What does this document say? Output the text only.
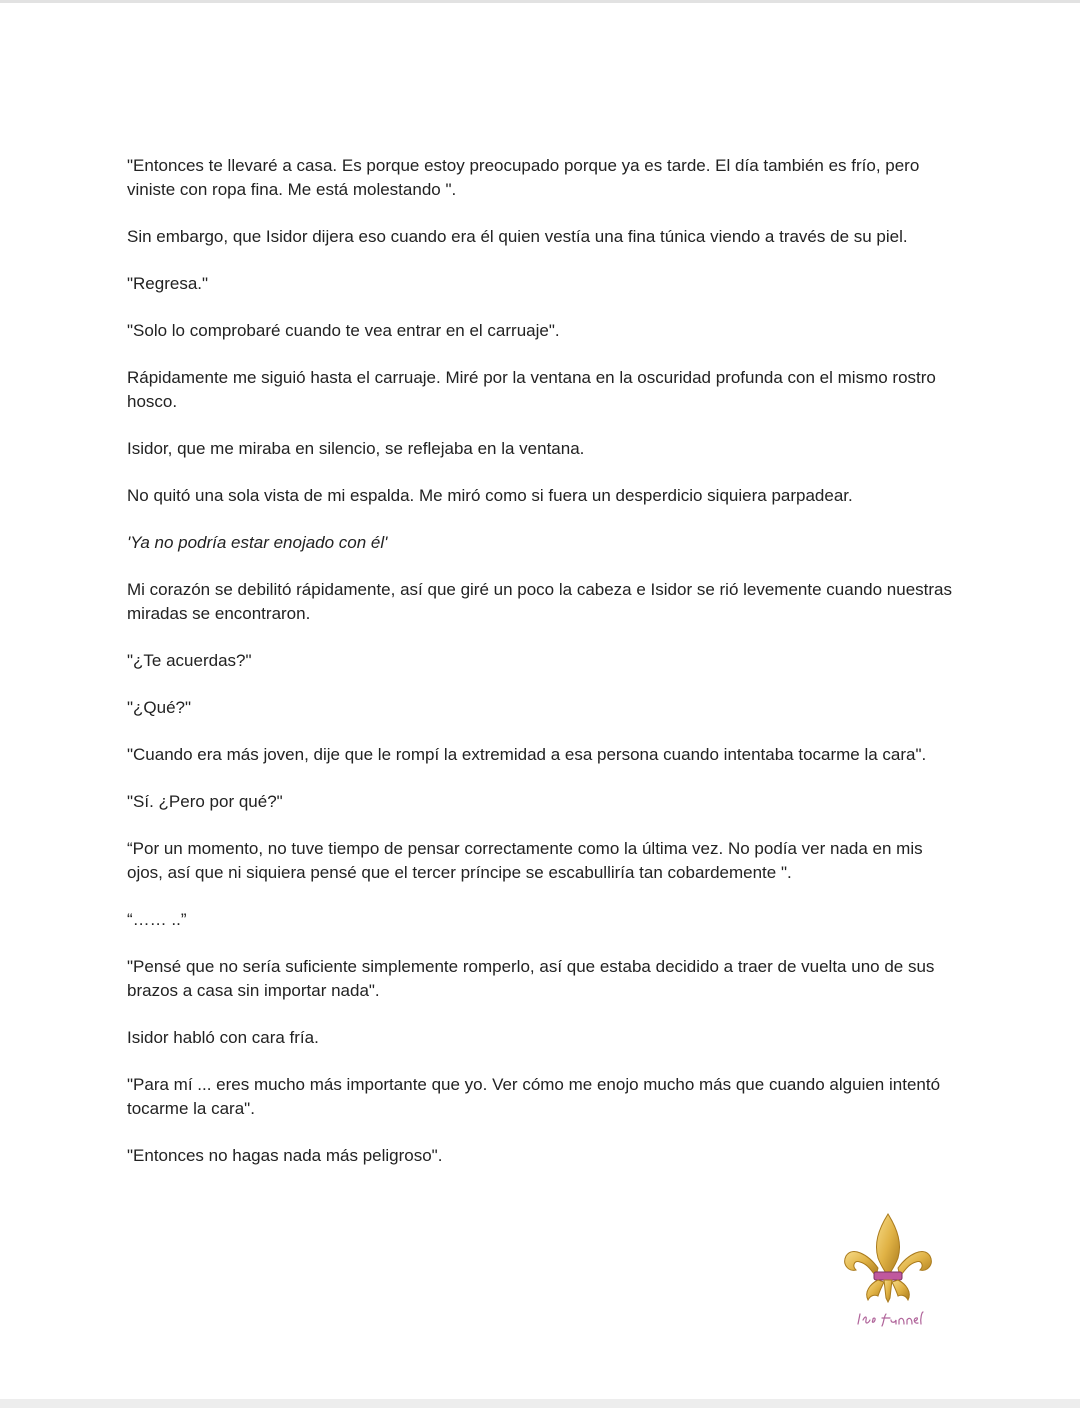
"Entonces te llevaré a casa. Es porque estoy preocupado porque ya es tarde. El día también es frío, pero viniste con ropa fina. Me está molestando ".

Sin embargo, que Isidor dijera eso cuando era él quien vestía una fina túnica viendo a través de su piel.

"Regresa."

"Solo lo comprobaré cuando te vea entrar en el carruaje".

Rápidamente me siguió hasta el carruaje. Miré por la ventana en la oscuridad profunda con el mismo rostro hosco.

Isidor, que me miraba en silencio, se reflejaba en la ventana.

No quitó una sola vista de mi espalda. Me miró como si fuera un desperdicio siquiera parpadear.

'Ya no podría estar enojado con él'

Mi corazón se debilitó rápidamente, así que giré un poco la cabeza e Isidor se rió levemente cuando nuestras miradas se encontraron.

"¿Te acuerdas?"

"¿Qué?"

"Cuando era más joven, dije que le rompí la extremidad a esa persona cuando intentaba tocarme la cara".

"Sí. ¿Pero por qué?"

“Por un momento, no tuve tiempo de pensar correctamente como la última vez. No podía ver nada en mis ojos, así que ni siquiera pensé que el tercer príncipe se escabulliría tan cobardemente ".

“…… ..”

"Pensé que no sería suficiente simplemente romperlo, así que estaba decidido a traer de vuelta uno de sus brazos a casa sin importar nada".

Isidor habló con cara fría.

"Para mí ... eres mucho más importante que yo. Ver cómo me enojo mucho más que cuando alguien intentó tocarme la cara".

"Entonces no hagas nada más peligroso".
